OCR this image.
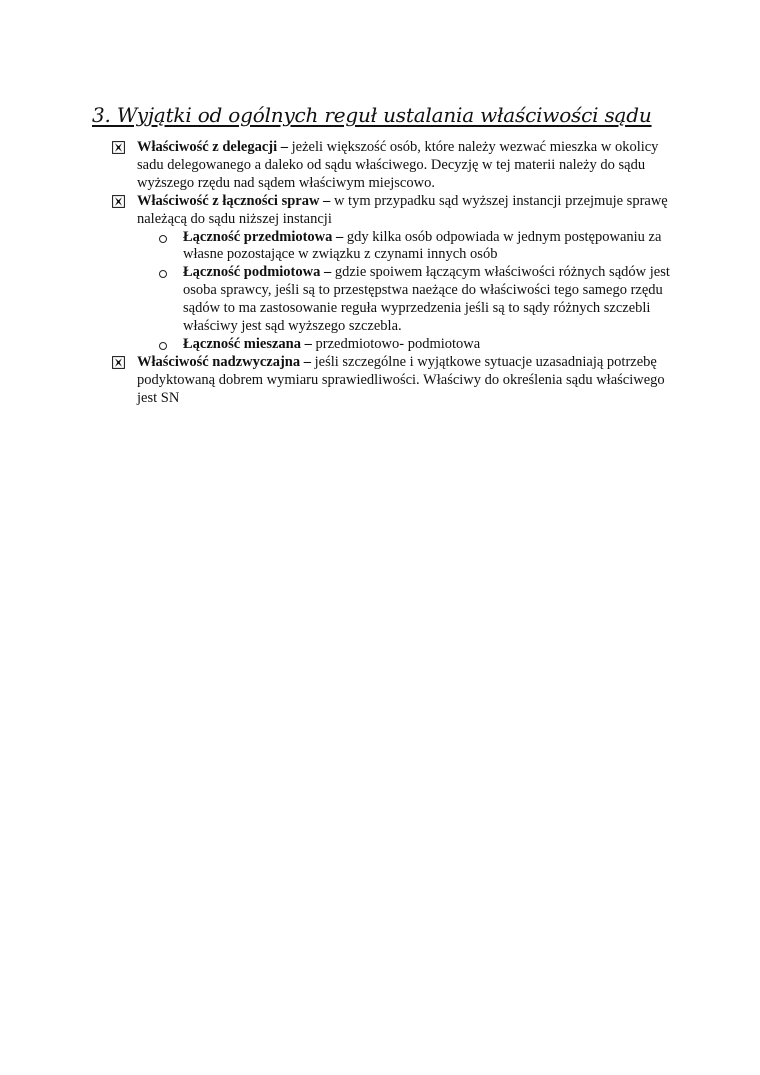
3. Wyjątki od ogólnych reguł ustalania właściwości sądu
Właściwość z delegacji – jeżeli większość osób, które należy wezwać mieszka w okolicy sadu delegowanego a daleko od sądu właściwego. Decyzję w tej materii należy do sądu wyższego rzędu nad sądem właściwym miejscowo.
Właściwość z łączności spraw – w tym przypadku sąd wyższej instancji przejmuje sprawę należącą do sądu niższej instancji
Łączność przedmiotowa – gdy kilka osób odpowiada w jednym postępowaniu za własne pozostające w związku z czynami innych osób
Łączność podmiotowa – gdzie spoiwem łączącym właściwości różnych sądów jest osoba sprawcy, jeśli są to przestępstwa naeżące do właściwości tego samego rzędu sądów to ma zastosowanie reguła wyprzedzenia jeśli są to sądy różnych szczebli właściwy jest sąd wyższego szczebla.
Łączność mieszana – przedmiotowo- podmiotowa
Właściwość nadzwyczajna – jeśli szczególne i wyjątkowe sytuacje uzasadniają potrzebę podyktowaną dobrem wymiaru sprawiedliwości. Właściwy do określenia sądu właściwego jest SN
